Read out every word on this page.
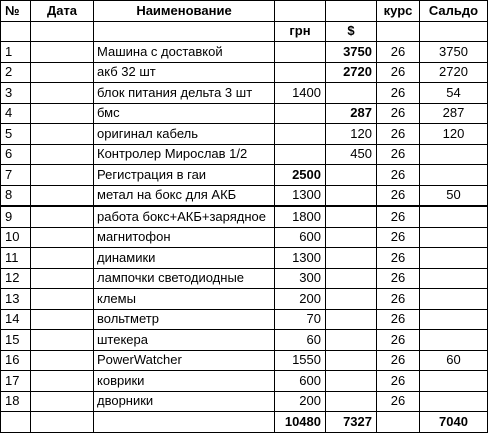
№	Дата	Наименование			курс	Сальдо
			грн	$		
1		Машина с доставкой		3750	26	3750
2		акб 32 шт		2720	26	2720
3		блок питания дельта 3 шт	1400		26	54
4		бмс		287	26	287
5		оригинал кабель		120	26	120
6		Контролер Мирослав 1/2		450	26	
7		Регистрация в гаи	2500		26	
8		метал на бокс для АКБ	1300		26	50
9		работа бокс+АКБ+зарядное	1800		26	
10		магнитофон	600		26	
11		динамики	1300		26	
12		лампочки светодиодные	300		26	
13		клемы	200		26	
14		вольтметр	70		26	
15		штекера	60		26	
16		PowerWatcher	1550		26	60
17		коврики	600		26	
18		дворники	200		26	
			10480	7327		7040
